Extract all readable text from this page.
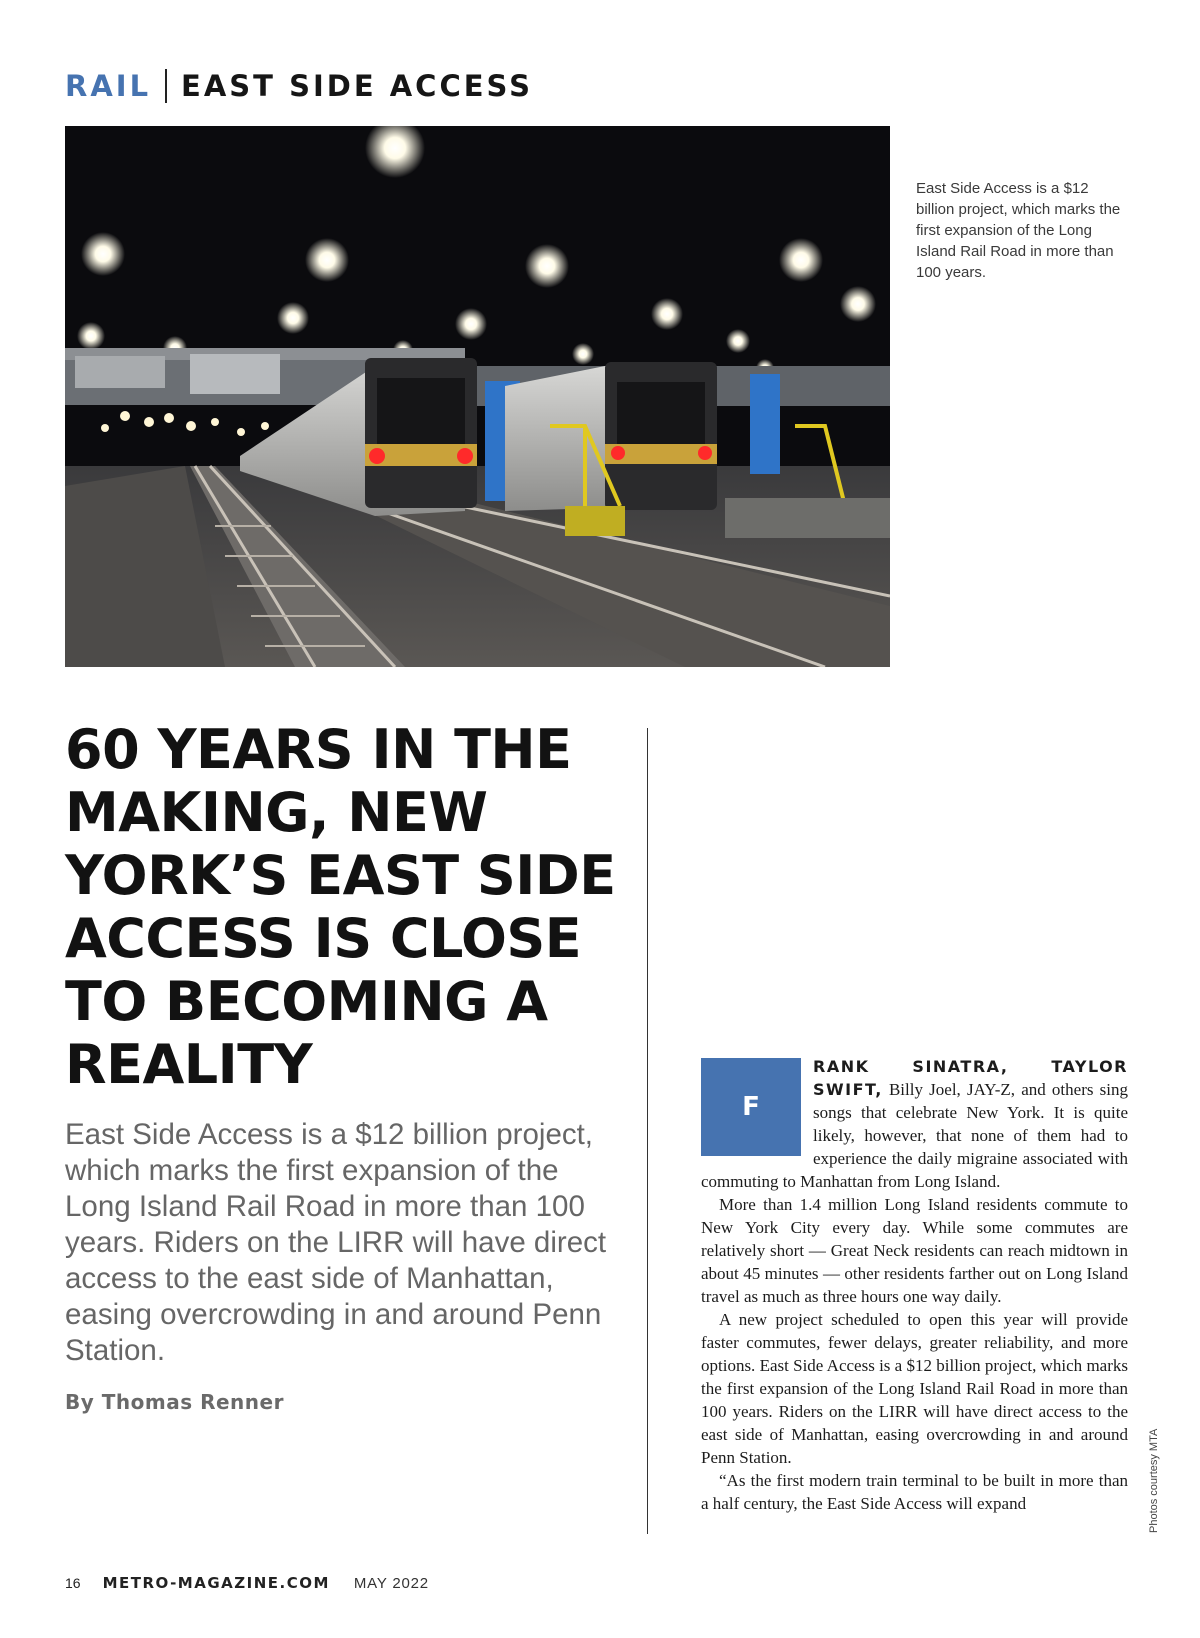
RAIL EAST SIDE ACCESS
East Side Access is a $12 billion project, which marks the first expansion of the Long Island Rail Road in more than 100 years.
60 YEARS IN THE MAKING, NEW YORK’S EAST SIDE ACCESS IS CLOSE TO BECOMING A REALITY

East Side Access is a $12 billion project, which marks the first expansion of the Long Island Rail Road in more than 100 years. Riders on the LIRR will have direct access to the east side of Manhattan, easing overcrowding in and around Penn Station.

By Thomas Renner
F

RANK SINATRA, TAYLOR SWIFT, Billy Joel, JAY-Z, and others sing songs that celebrate New York. It is quite likely, however, that none of them had to experience the daily migraine associated with commuting to Manhattan from Long Island.

More than 1.4 million Long Island residents commute to New York City every day. While some commutes are relatively short — Great Neck residents can reach midtown in about 45 minutes — other residents farther out on Long Island travel as much as three hours one way daily.

A new project scheduled to open this year will provide faster commutes, fewer delays, greater reliability, and more options. East Side Access is a $12 billion project, which marks the first expansion of the Long Island Rail Road in more than 100 years. Riders on the LIRR will have direct access to the east side of Manhattan, easing overcrowding in and around Penn Station.

“As the first modern train terminal to be built in more than a half century, the East Side Access will expand	Photos courtesy MTA
16 METRO-MAGAZINE.COM MAY 2022
